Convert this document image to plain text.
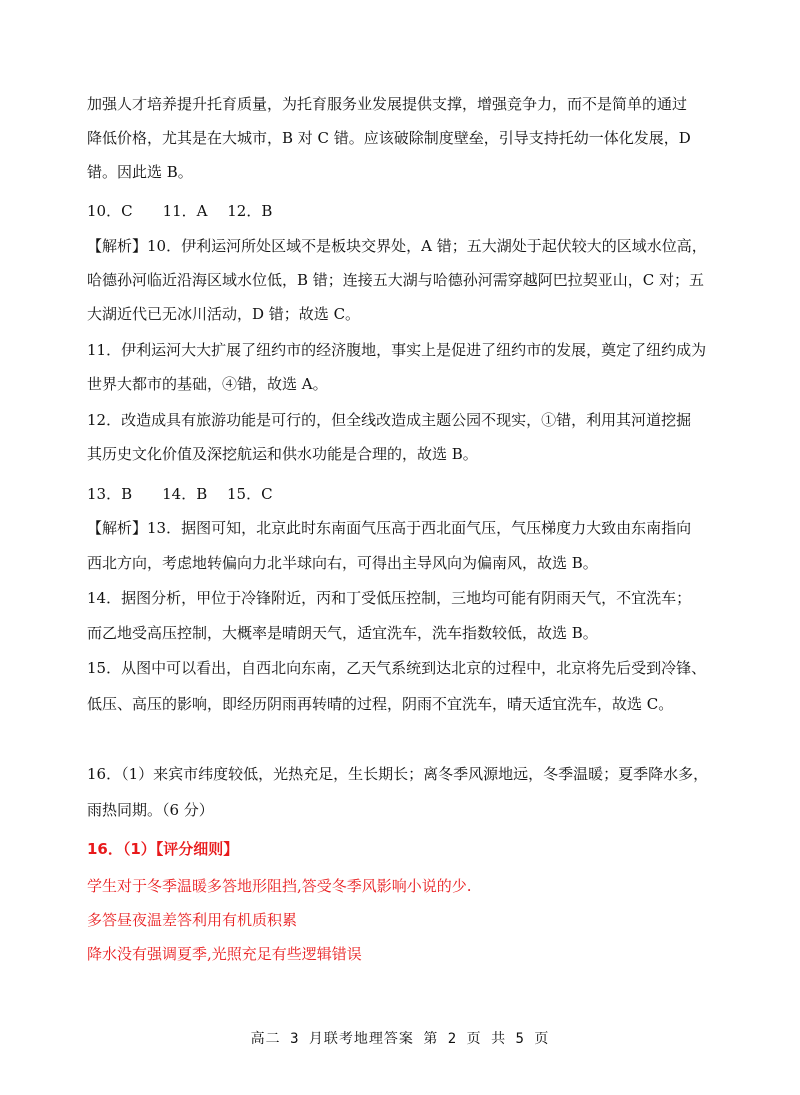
加强人才培养提升托育质量，为托育服务业发展提供支撑，增强竞争力，而不是简单的通过
降低价格，尤其是在大城市，B 对 C 错。应该破除制度壁垒，引导支持托幼一体化发展，D
错。因此选 B。
10．C　　11．A　 12．B
【解析】10．伊利运河所处区域不是板块交界处，A 错；五大湖处于起伏较大的区域水位高，
哈德孙河临近沿海区域水位低，B 错；连接五大湖与哈德孙河需穿越阿巴拉契亚山，C 对；五
大湖近代已无冰川活动，D 错；故选 C。
11．伊利运河大大扩展了纽约市的经济腹地，事实上是促进了纽约市的发展，奠定了纽约成为
世界大都市的基础，④错，故选 A。
12．改造成具有旅游功能是可行的，但全线改造成主题公园不现实，①错，利用其河道挖掘
其历史文化价值及深挖航运和供水功能是合理的，故选 B。
13．B　　14．B　 15．C
【解析】13．据图可知，北京此时东南面气压高于西北面气压，气压梯度力大致由东南指向
西北方向，考虑地转偏向力北半球向右，可得出主导风向为偏南风，故选 B。
14．据图分析，甲位于冷锋附近，丙和丁受低压控制，三地均可能有阴雨天气，不宜洗车；
而乙地受高压控制，大概率是晴朗天气，适宜洗车，洗车指数较低，故选 B。
15．从图中可以看出，自西北向东南，乙天气系统到达北京的过程中，北京将先后受到冷锋、
低压、高压的影响，即经历阴雨再转晴的过程，阴雨不宜洗车，晴天适宜洗车，故选 C。
16．（1）来宾市纬度较低，光热充足，生长期长；离冬季风源地远，冬季温暖；夏季降水多，
雨热同期。（6 分）
16．（1）【评分细则】
学生对于冬季温暖多答地形阻挡,答受冬季风影响小说的少.
多答昼夜温差答利用有机质积累
降水没有强调夏季,光照充足有些逻辑错误
高二 3 月联考地理答案 第 2 页 共 5 页
